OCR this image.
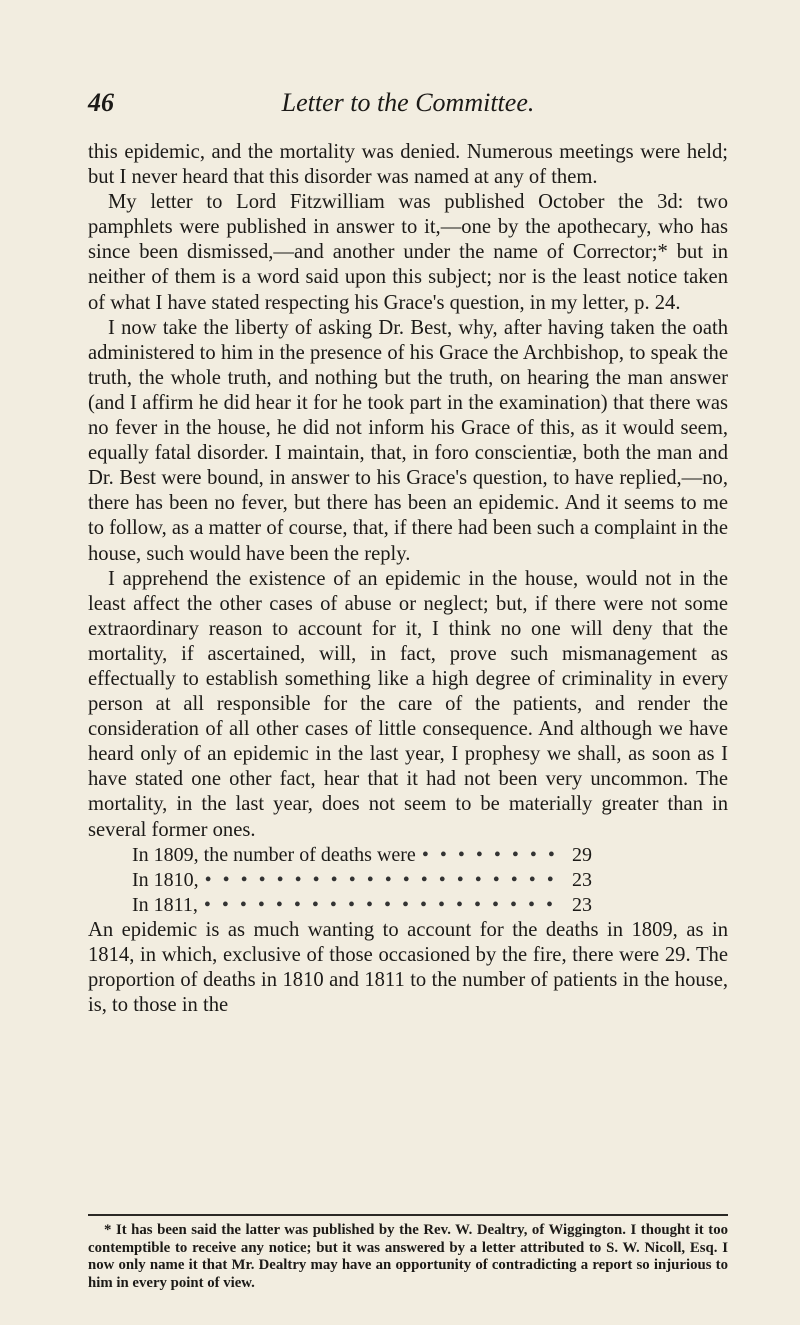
46	Letter to the Committee.

this epidemic, and the mortality was denied. Numerous meetings were held; but I never heard that this disorder was named at any of them.

My letter to Lord Fitzwilliam was published October the 3d: two pamphlets were published in answer to it,—one by the apothecary, who has since been dismissed,—and another under the name of Corrector;* but in neither of them is a word said upon this subject; nor is the least notice taken of what I have stated respecting his Grace's question, in my letter, p. 24.

I now take the liberty of asking Dr. Best, why, after having taken the oath administered to him in the presence of his Grace the Archbishop, to speak the truth, the whole truth, and nothing but the truth, on hearing the man answer (and I affirm he did hear it for he took part in the examination) that there was no fever in the house, he did not inform his Grace of this, as it would seem, equally fatal disorder. I maintain, that, in foro conscientiæ, both the man and Dr. Best were bound, in answer to his Grace's question, to have replied,—no, there has been no fever, but there has been an epidemic. And it seems to me to follow, as a matter of course, that, if there had been such a complaint in the house, such would have been the reply.

I apprehend the existence of an epidemic in the house, would not in the least affect the other cases of abuse or neglect; but, if there were not some extraordinary reason to account for it, I think no one will deny that the mortality, if ascertained, will, in fact, prove such mismanagement as effectually to establish something like a high degree of criminality in every person at all responsible for the care of the patients, and render the consideration of all other cases of little consequence. And although we have heard only of an epidemic in the last year, I prophesy we shall, as soon as I have stated one other fact, hear that it had not been very uncommon. The mortality, in the last year, does not seem to be materially greater than in several former ones.

In 1809, the number of deaths were • • •	29
In 1810, • • •	23
In 1811, • • •	23

An epidemic is as much wanting to account for the deaths in 1809, as in 1814, in which, exclusive of those occasioned by the fire, there were 29. The proportion of deaths in 1810 and 1811 to the number of patients in the house, is, to those in the

* It has been said the latter was published by the Rev. W. Dealtry, of Wiggington. I thought it too contemptible to receive any notice; but it was answered by a letter attributed to S. W. Nicoll, Esq. I now only name it that Mr. Dealtry may have an opportunity of contradicting a report so injurious to him in every point of view.
